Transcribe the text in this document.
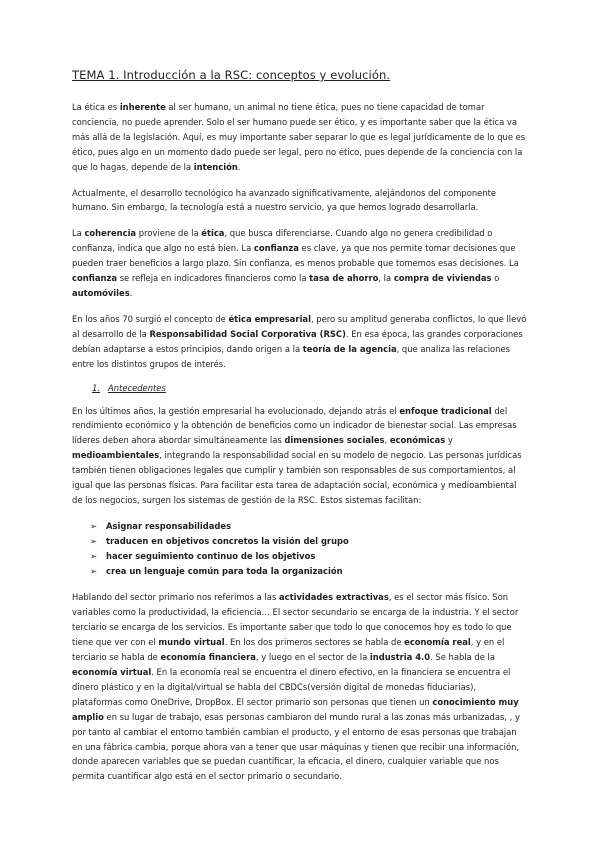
TEMA 1. Introducción a la RSC: conceptos y evolución.

La ética es inherente al ser humano, un animal no tiene ética, pues no tiene capacidad de tomar conciencia, no puede aprender. Solo el ser humano puede ser ético, y es importante saber que la ética va más allá de la legislación. Aquí, es muy importante saber separar lo que es legal jurídicamente de lo que es ético, pues algo en un momento dado puede ser legal, pero no ético, pues depende de la conciencia con la que lo hagas, depende de la intención.

Actualmente, el desarrollo tecnológico ha avanzado significativamente, alejándonos del componente humano. Sin embargo, la tecnología está a nuestro servicio, ya que hemos logrado desarrollarla.

La coherencia proviene de la ética, que busca diferenciarse. Cuando algo no genera credibilidad o confianza, indica que algo no está bien. La confianza es clave, ya que nos permite tomar decisiones que pueden traer beneficios a largo plazo. Sin confianza, es menos probable que tomemos esas decisiones. La confianza se refleja en indicadores financieros como la tasa de ahorro, la compra de viviendas o automóviles.

En los años 70 surgió el concepto de ética empresarial, pero su amplitud generaba conflictos, lo que llevó al desarrollo de la Responsabilidad Social Corporativa (RSC). En esa época, las grandes corporaciones debían adaptarse a estos principios, dando origen a la teoría de la agencia, que analiza las relaciones entre los distintos grupos de interés.

1. Antecedentes

En los últimos años, la gestión empresarial ha evolucionado, dejando atrás el enfoque tradicional del rendimiento económico y la obtención de beneficios como un indicador de bienestar social. Las empresas líderes deben ahora abordar simultáneamente las dimensiones sociales, económicas y medioambientales, integrando la responsabilidad social en su modelo de negocio. Las personas jurídicas también tienen obligaciones legales que cumplir y también son responsables de sus comportamientos, al igual que las personas físicas. Para facilitar esta tarea de adaptación social, económica y medioambiental de los negocios, surgen los sistemas de gestión de la RSC. Estos sistemas facilitan:

➢ Asignar responsabilidades
➢ traducen en objetivos concretos la visión del grupo
➢ hacer seguimiento continuo de los objetivos
➢ crea un lenguaje común para toda la organización

Hablando del sector primario nos referimos a las actividades extractivas, es el sector más físico. Son variables como la productividad, la eficiencia… El sector secundario se encarga de la industria. Y el sector terciario se encarga de los servicios. Es importante saber que todo lo que conocemos hoy es todo lo que tiene que ver con el mundo virtual. En los dos primeros sectores se habla de economía real, y en el terciario se habla de economía financiera, y luego en el sector de la industria 4.0. Se habla de la economía virtual. En la economía real se encuentra el dinero efectivo, en la financiera se encuentra el dinero plástico y en la digital/virtual se habla del CBDCs(versión digital de monedas fiduciarias), plataformas como OneDrive, DropBox. El sector primario son personas que tienen un conocimiento muy amplio en su lugar de trabajo, esas personas cambiaron del mundo rural a las zonas más urbanizadas, , y por tanto al cambiar el entorno también cambian el producto, y el entorno de esas personas que trabajan en una fábrica cambia, porque ahora van a tener que usar máquinas y tienen que recibir una información, donde aparecen variables que se puedan cuantificar, la eficacia, el dinero, cualquier variable que nos permita cuantificar algo está en el sector primario o secundario.
